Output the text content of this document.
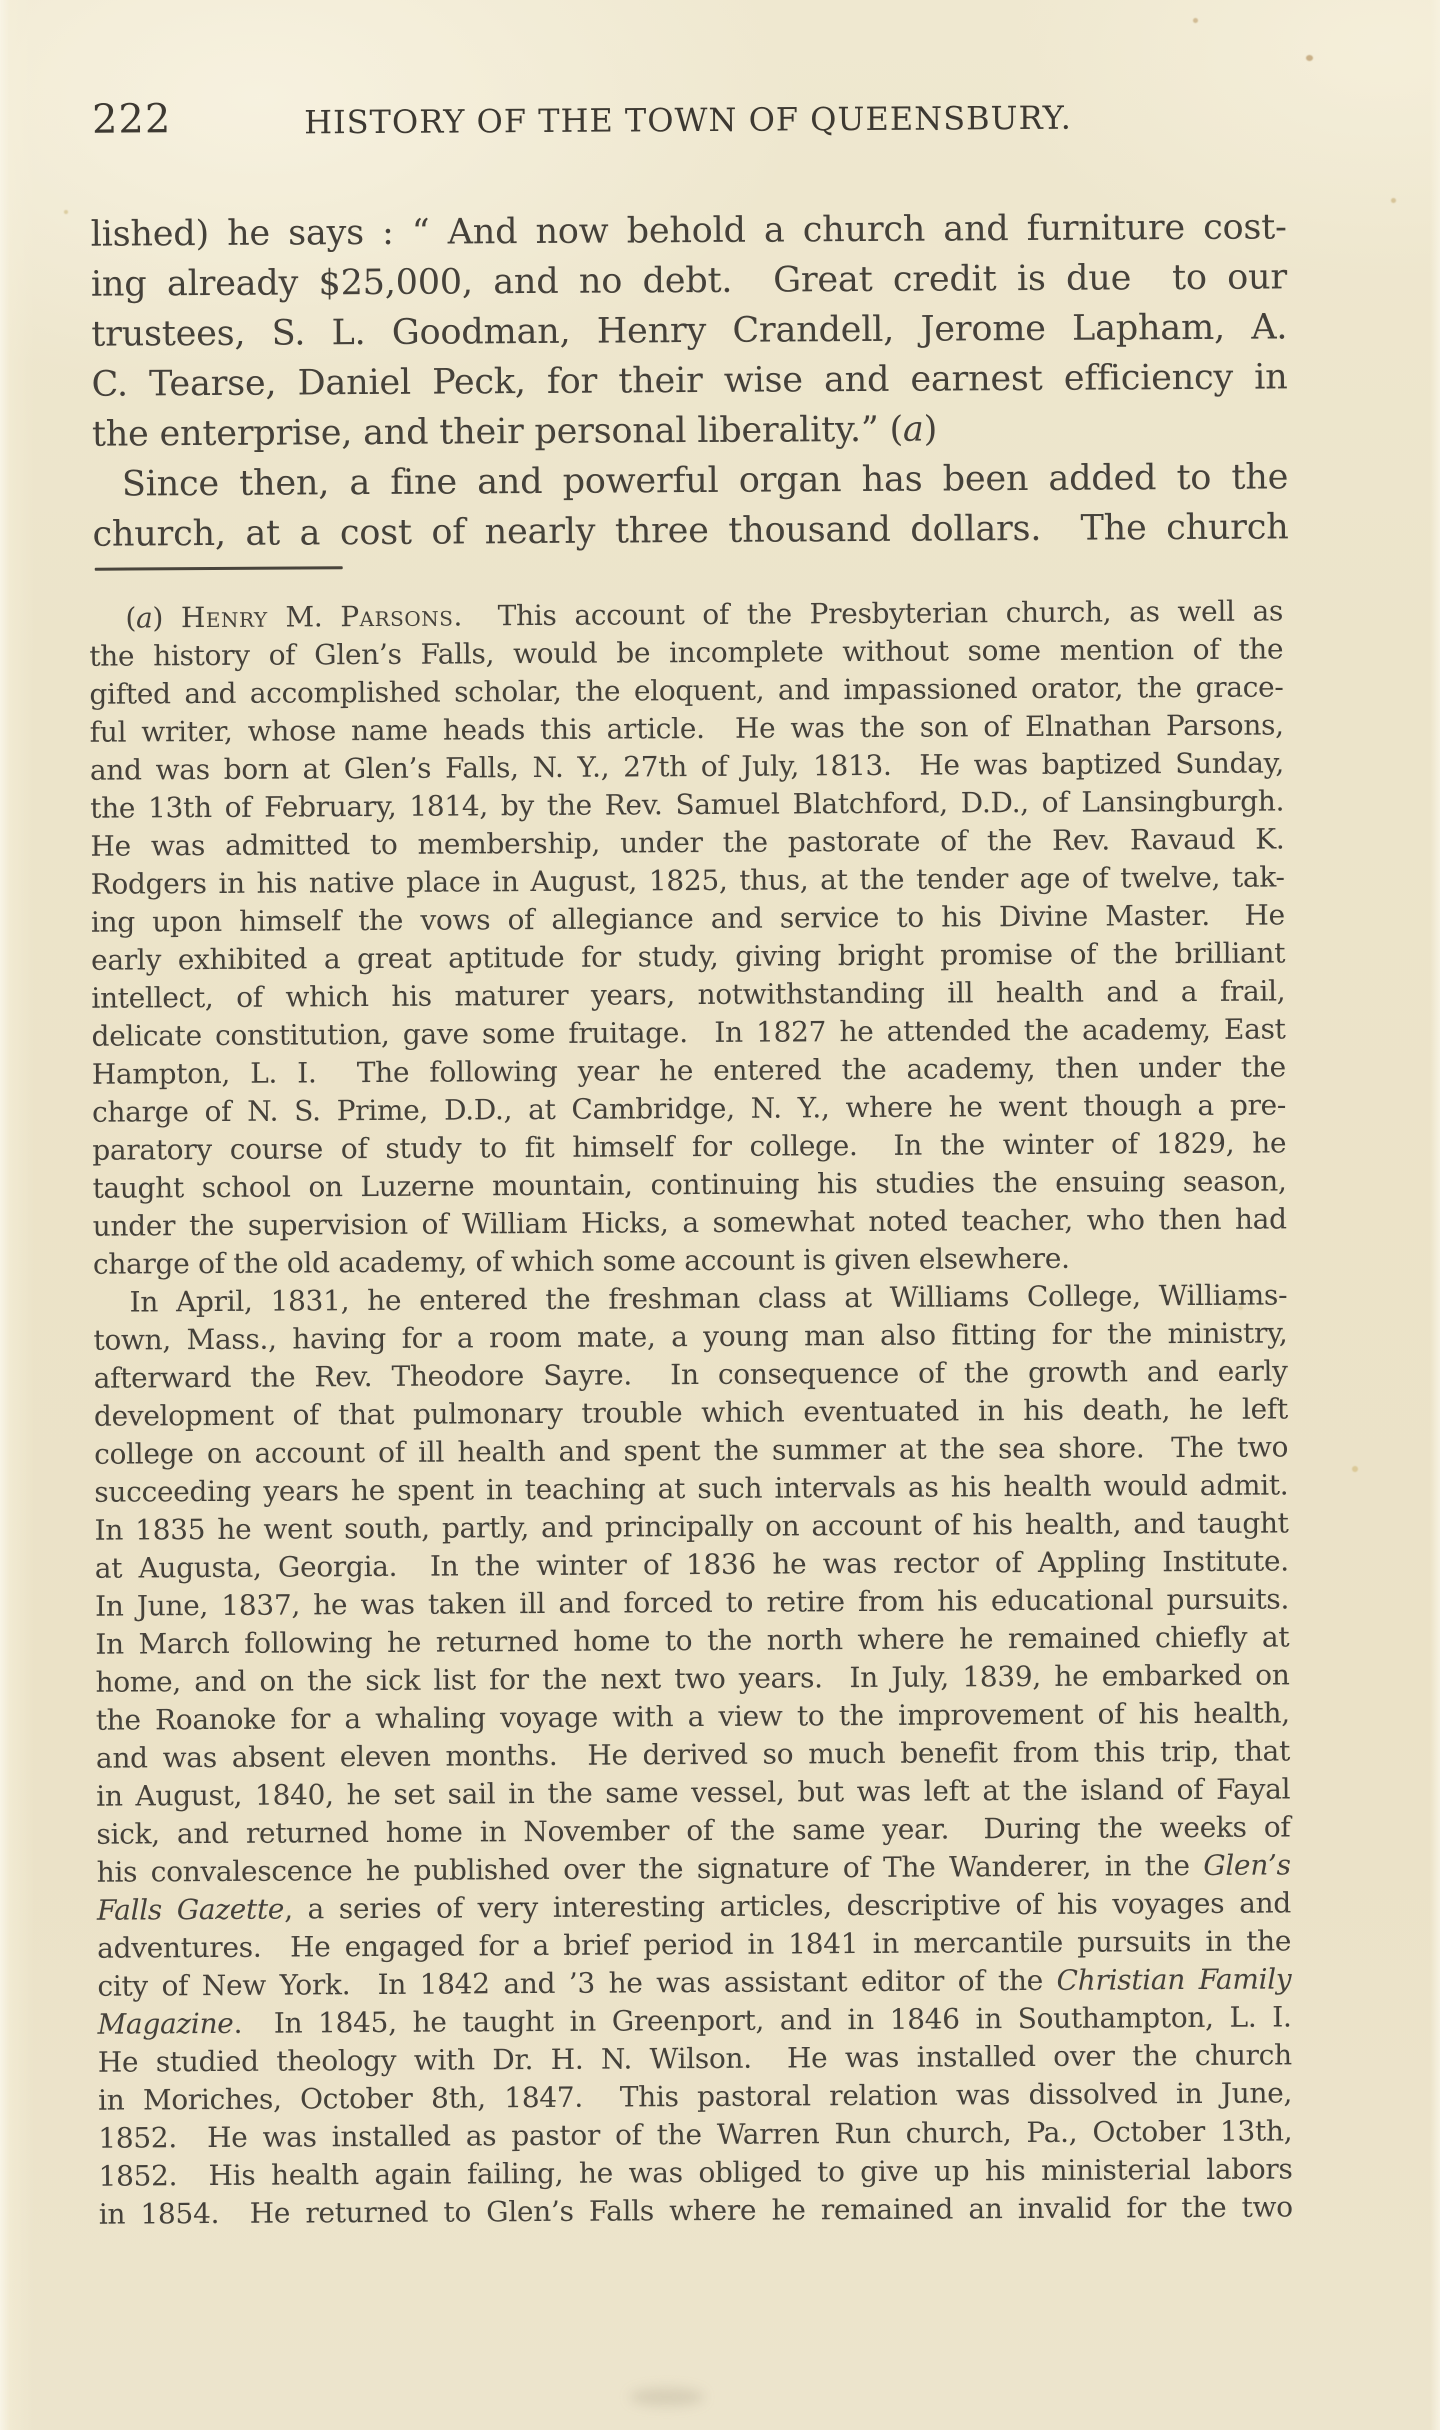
222	HISTORY OF THE TOWN OF QUEENSBURY.
lished) he says : “ And now behold a church and furniture cost-
ing already $25,000, and no debt.  Great credit is due  to our
trustees, S. L. Goodman, Henry Crandell, Jerome Lapham, A.
C. Tearse, Daniel Peck, for their wise and earnest efficiency in
the enterprise, and their personal liberality.” (a)
Since then, a fine and powerful organ has been added to the
church, at a cost of nearly three thousand dollars.  The church
(a) Henry M. Parsons.  This account of the Presbyterian church, as well as
the history of Glen’s Falls, would be incomplete without some mention of the
gifted and accomplished scholar, the eloquent, and impassioned orator, the grace-
ful writer, whose name heads this article.  He was the son of Elnathan Parsons,
and was born at Glen’s Falls, N. Y., 27th of July, 1813.  He was baptized Sunday,
the 13th of February, 1814, by the Rev. Samuel Blatchford, D.D., of Lansingburgh.
He was admitted to membership, under the pastorate of the Rev. Ravaud K.
Rodgers in his native place in August, 1825, thus, at the tender age of twelve, tak-
ing upon himself the vows of allegiance and service to his Divine Master.  He
early exhibited a great aptitude for study, giving bright promise of the brilliant
intellect, of which his maturer years, notwithstanding ill health and a frail,
delicate constitution, gave some fruitage.  In 1827 he attended the academy, East
Hampton, L. I.  The following year he entered the academy, then under the
charge of N. S. Prime, D.D., at Cambridge, N. Y., where he went though a pre-
paratory course of study to fit himself for college.  In the winter of 1829, he
taught school on Luzerne mountain, continuing his studies the ensuing season,
under the supervision of William Hicks, a somewhat noted teacher, who then had
charge of the old academy, of which some account is given elsewhere.
In April, 1831, he entered the freshman class at Williams College, Williams-
town, Mass., having for a room mate, a young man also fitting for the ministry,
afterward the Rev. Theodore Sayre.  In consequence of the growth and early
development of that pulmonary trouble which eventuated in his death, he left
college on account of ill health and spent the summer at the sea shore.  The two
succeeding years he spent in teaching at such intervals as his health would admit.
In 1835 he went south, partly, and principally on account of his health, and taught
at Augusta, Georgia.  In the winter of 1836 he was rector of Appling Institute.
In June, 1837, he was taken ill and forced to retire from his educational pursuits.
In March following he returned home to the north where he remained chiefly at
home, and on the sick list for the next two years.  In July, 1839, he embarked on
the Roanoke for a whaling voyage with a view to the improvement of his health,
and was absent eleven months.  He derived so much benefit from this trip, that
in August, 1840, he set sail in the same vessel, but was left at the island of Fayal
sick, and returned home in November of the same year.  During the weeks of
his convalescence he published over the signature of The Wanderer, in the Glen’s
Falls Gazette, a series of very interesting articles, descriptive of his voyages and
adventures.  He engaged for a brief period in 1841 in mercantile pursuits in the
city of New York.  In 1842 and ’3 he was assistant editor of the Christian Family
Magazine.  In 1845, he taught in Greenport, and in 1846 in Southampton, L. I.
He studied theology with Dr. H. N. Wilson.  He was installed over the church
in Moriches, October 8th, 1847.  This pastoral relation was dissolved in June,
1852.  He was installed as pastor of the Warren Run church, Pa., October 13th,
1852.  His health again failing, he was obliged to give up his ministerial labors
in 1854.  He returned to Glen’s Falls where he remained an invalid for the two
